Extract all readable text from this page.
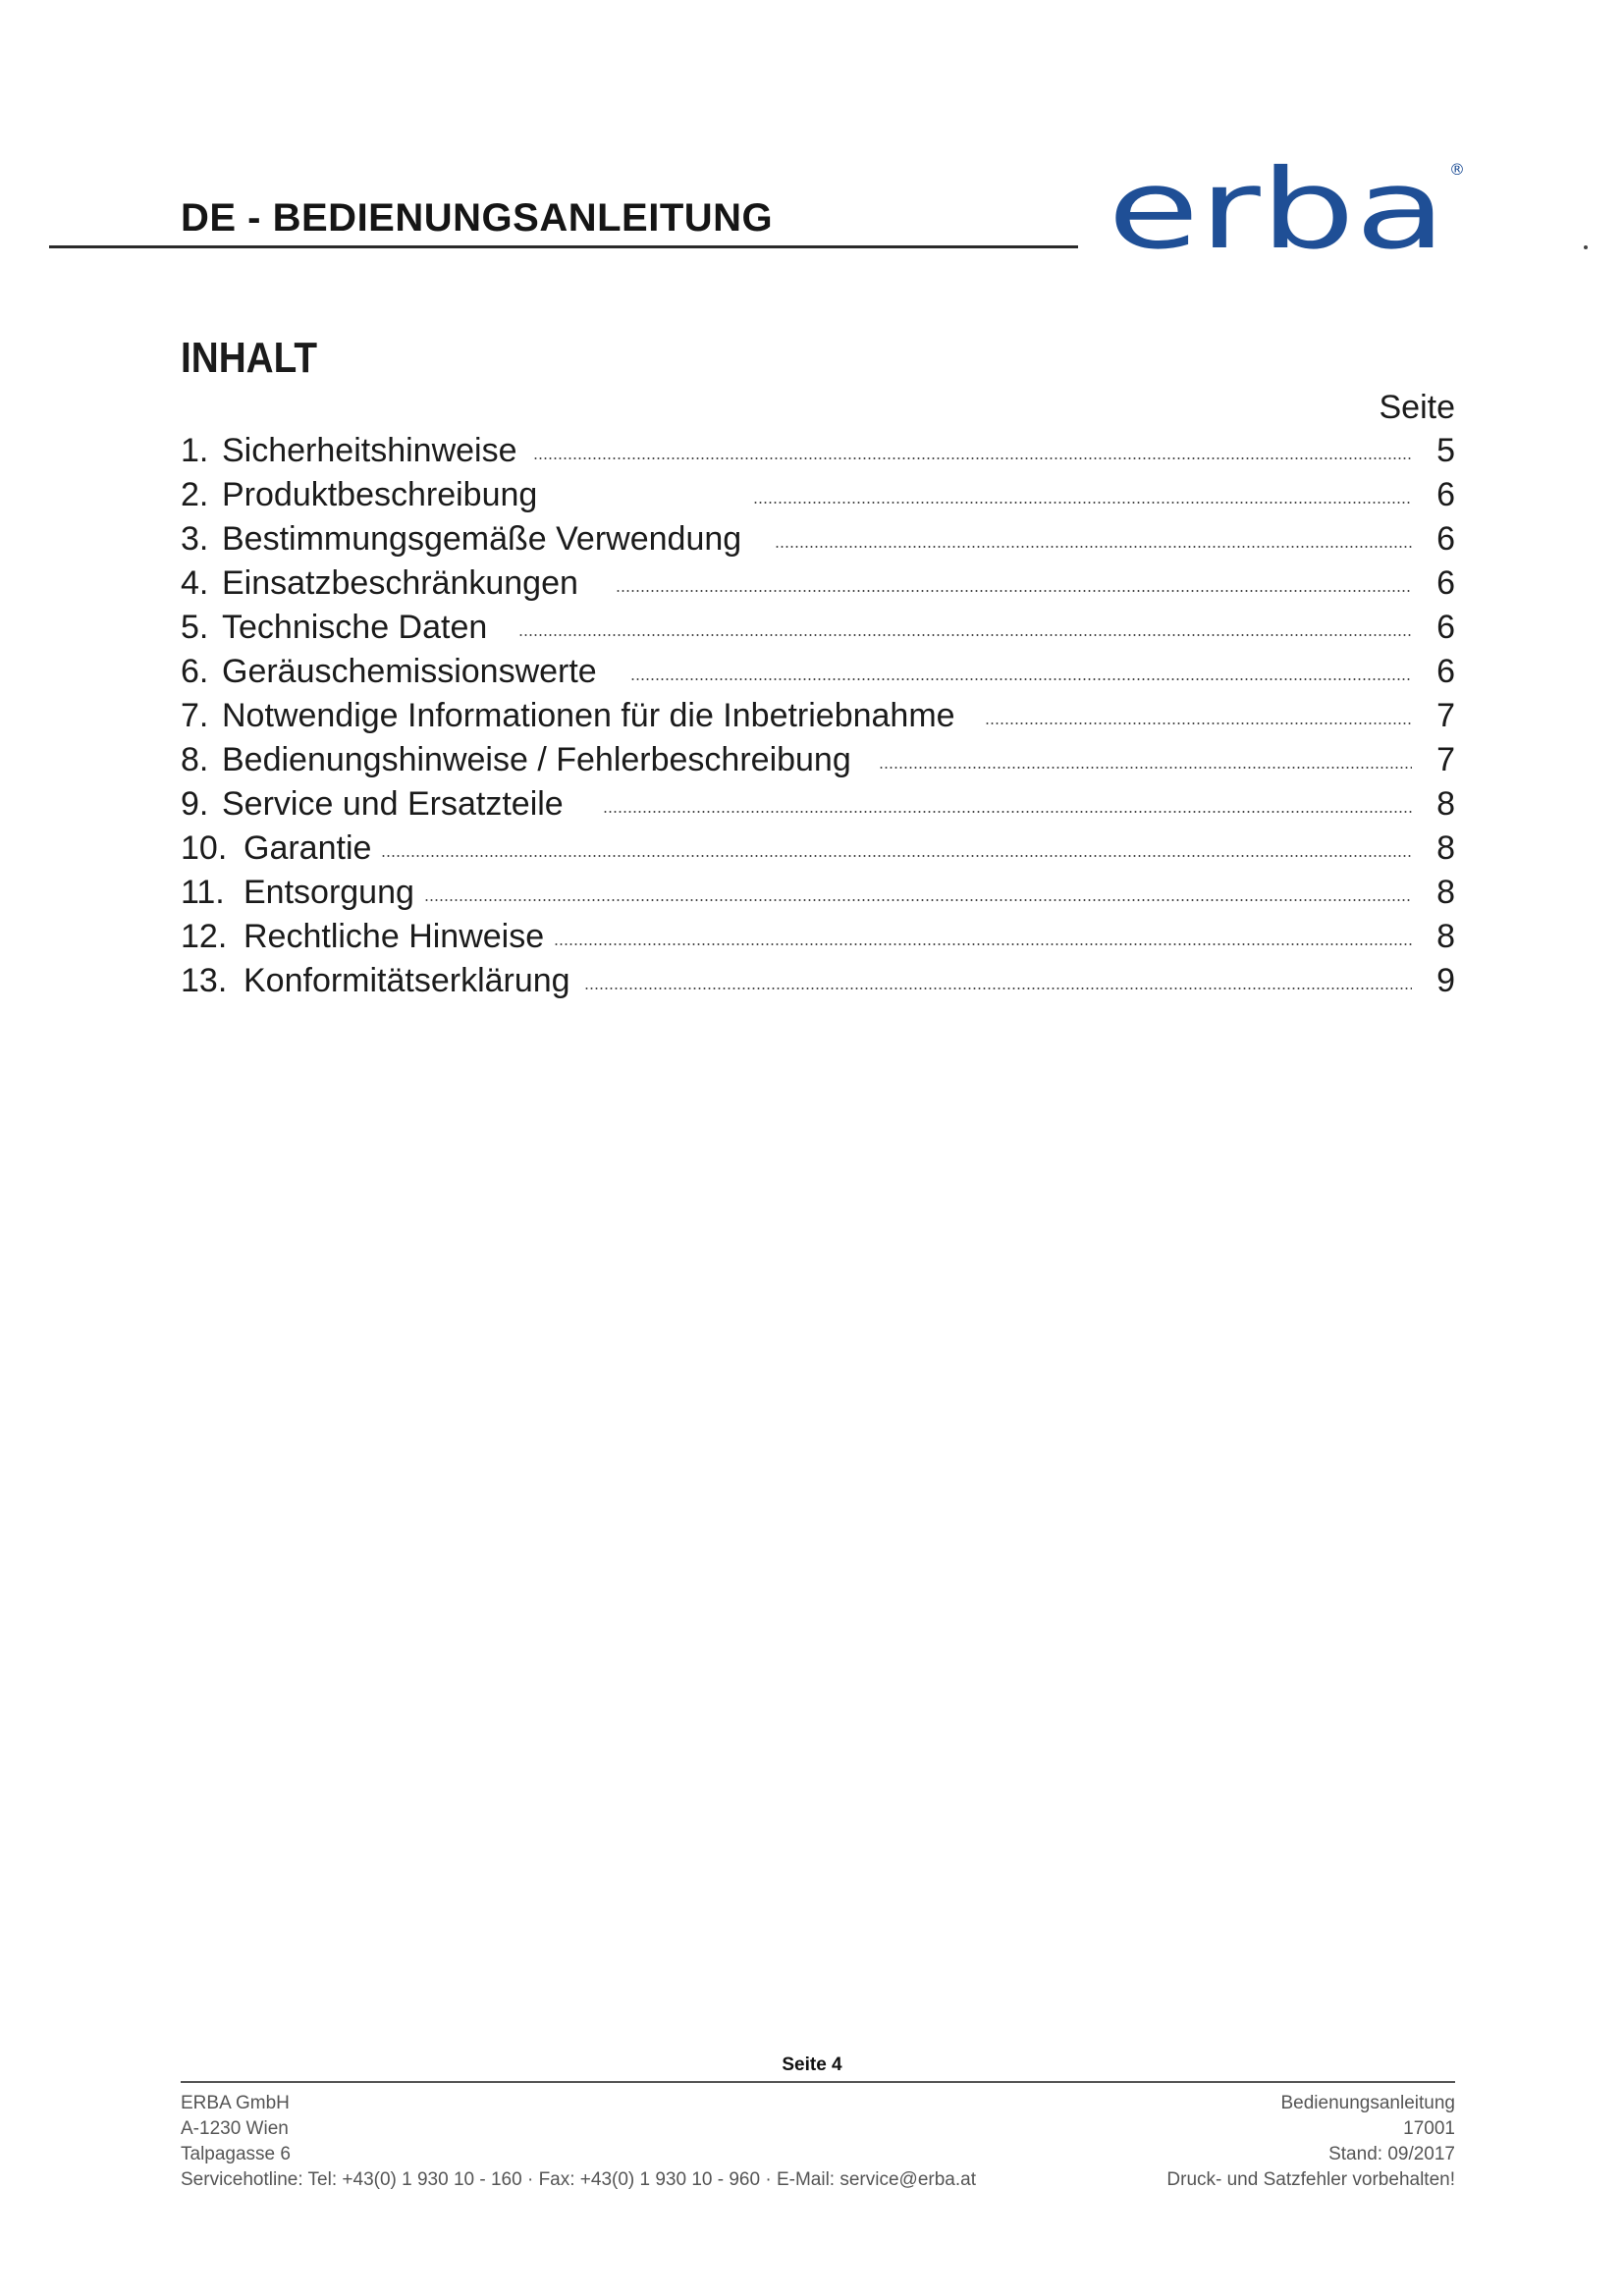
DE - BEDIENUNGSANLEITUNG	erba ®
INHALT
Seite
1. Sicherheitshinweise	5
2. Produktbeschreibung	6
3. Bestimmungsgemäße Verwendung	6
4. Einsatzbeschränkungen	6
5. Technische Daten	6
6. Geräuschemissionswerte	6
7. Notwendige Informationen für die Inbetriebnahme	7
8. Bedienungshinweise / Fehlerbeschreibung	7
9. Service und Ersatzteile	8
10. Garantie	8
11. Entsorgung	8
12. Rechtliche Hinweise	8
13. Konformitätserklärung	9
Seite 4
ERBA GmbH
A-1230 Wien
Talpagasse 6
Servicehotline: Tel: +43(0) 1 930 10 - 160 · Fax: +43(0) 1 930 10 - 960 · E-Mail: service@erba.at
Bedienungsanleitung
17001
Stand: 09/2017
Druck- und Satzfehler vorbehalten!
